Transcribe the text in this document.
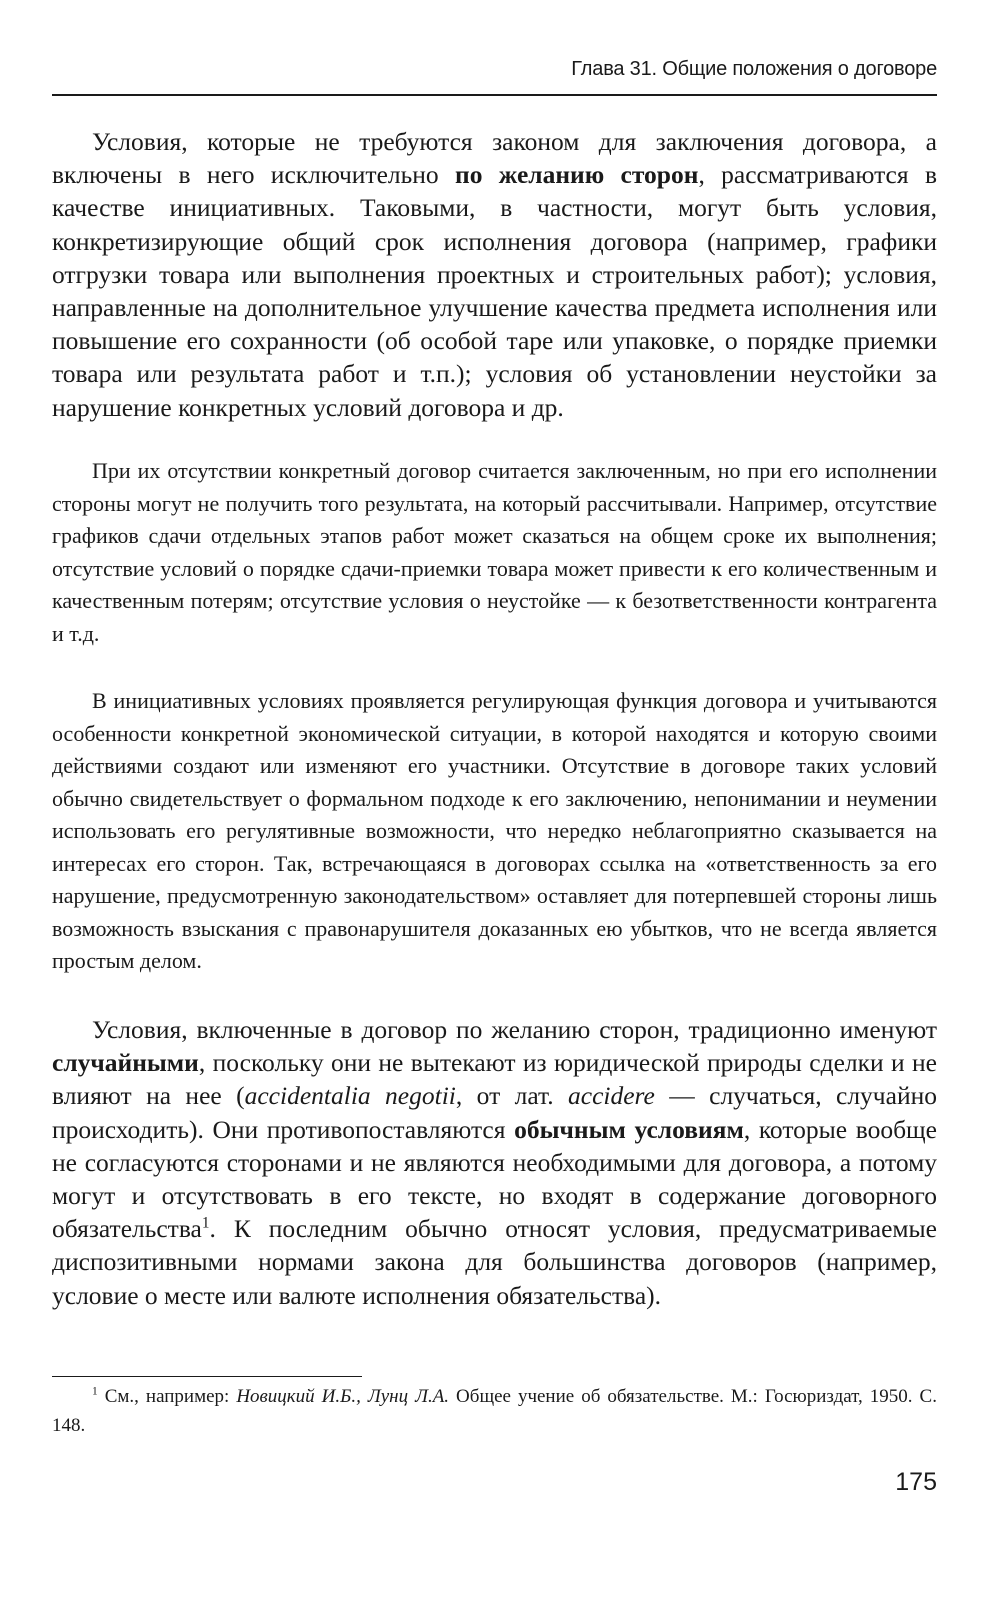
Глава 31. Общие положения о договоре

Условия, которые не требуются законом для заключения договора, а включены в него исключительно по желанию сторон, рассматриваются в качестве инициативных. Таковыми, в частности, могут быть условия, конкретизирующие общий срок исполнения договора (например, графики отгрузки товара или выполнения проектных и строительных работ); условия, направленные на дополнительное улучшение качества предмета исполнения или повышение его сохранности (об особой таре или упаковке, о порядке приемки товара или результата работ и т.п.); условия об установлении неустойки за нарушение конкретных условий договора и др.

При их отсутствии конкретный договор считается заключенным, но при его исполнении стороны могут не получить того результата, на который рассчитывали. Например, отсутствие графиков сдачи отдельных этапов работ может сказаться на общем сроке их выполнения; отсутствие условий о порядке сдачи-приемки товара может привести к его количественным и качественным потерям; отсутствие условия о неустойке — к безответственности контрагента и т.д.

В инициативных условиях проявляется регулирующая функция договора и учитываются особенности конкретной экономической ситуации, в которой находятся и которую своими действиями создают или изменяют его участники. Отсутствие в договоре таких условий обычно свидетельствует о формальном подходе к его заключению, непонимании и неумении использовать его регулятивные возможности, что нередко неблагоприятно сказывается на интересах его сторон. Так, встречающаяся в договорах ссылка на «ответственность за его нарушение, предусмотренную законодательством» оставляет для потерпевшей стороны лишь возможность взыскания с правонарушителя доказанных ею убытков, что не всегда является простым делом.

Условия, включенные в договор по желанию сторон, традиционно именуют случайными, поскольку они не вытекают из юридической природы сделки и не влияют на нее (accidentalia negotii, от лат. accidere — случаться, случайно происходить). Они противопоставляются обычным условиям, которые вообще не согласуются сторонами и не являются необходимыми для договора, а потому могут и отсутствовать в его тексте, но входят в содержание договорного обязательства$^1$. К последним обычно относят условия, предусматриваемые диспозитивными нормами закона для большинства договоров (например, условие о месте или валюте исполнения обязательства).

$^1$ См., например: Новицкий И.Б., Лунц Л.А. Общее учение об обязательстве. М.: Госюриздат, 1950. С. 148.

175
